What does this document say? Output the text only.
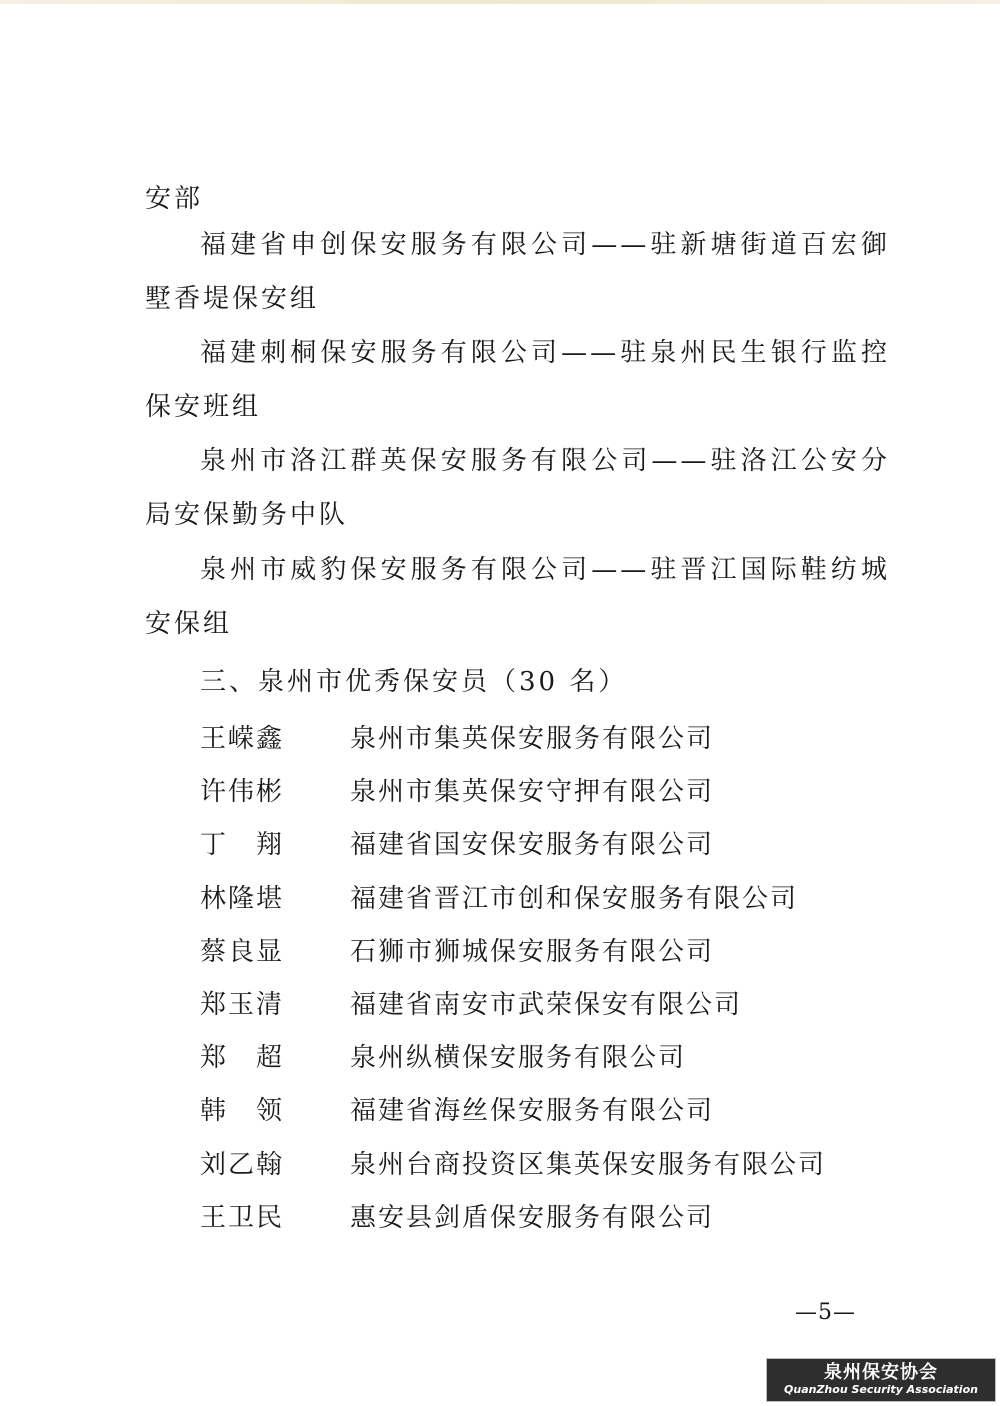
安部

福建省申创保安服务有限公司——驻新塘街道百宏御墅香堤保安组

福建刺桐保安服务有限公司——驻泉州民生银行监控保安班组

泉州市洛江群英保安服务有限公司——驻洛江公安分局安保勤务中队

泉州市威豹保安服务有限公司——驻晋江国际鞋纺城安保组

三、泉州市优秀保安员（30 名）
王嵘鑫	泉州市集英保安服务有限公司
许伟彬	泉州市集英保安守押有限公司
丁　翔	福建省国安保安服务有限公司
林隆堪	福建省晋江市创和保安服务有限公司
蔡良显	石狮市狮城保安服务有限公司
郑玉清	福建省南安市武荣保安有限公司
郑　超	泉州纵横保安服务有限公司
韩　领	福建省海丝保安服务有限公司
刘乙翰	泉州台商投资区集英保安服务有限公司
王卫民	惠安县剑盾保安服务有限公司
—5—
泉州保安协会
QuanZhou Security Association
